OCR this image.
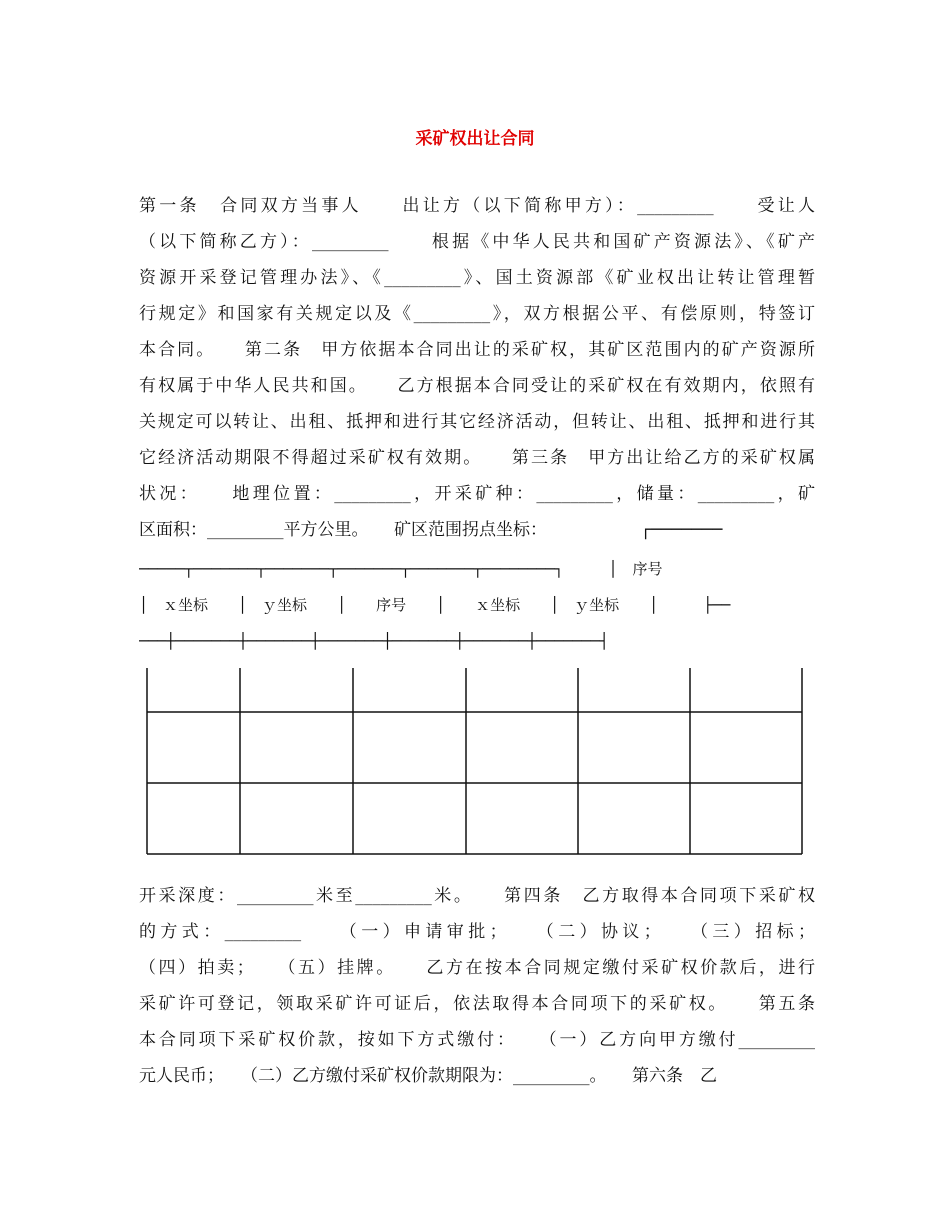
采矿权出让合同
第一条　合同双方当事人　　出让方（以下简称甲方）：_________　　受让人
（以下简称乙方）：_________　　根据《中华人民共和国矿产资源法》、《矿产
资源开采登记管理办法》、《_________》、国土资源部《矿业权出让转让管理暂
行规定》和国家有关规定以及《_________》，双方根据公平、有偿原则，特签订
本合同。　　第二条　甲方依据本合同出让的采矿权，其矿区范围内的矿产资源所
有权属于中华人民共和国。　　乙方根据本合同受让的采矿权在有效期内，依照有
关规定可以转让、出租、抵押和进行其它经济活动，但转让、出租、抵押和进行其
它经济活动期限不得超过采矿权有效期。　　第三条　甲方出让给乙方的采矿权属
状况：　　地理位置：_________，开采矿种：_________，储量：_________，矿
区面积：_________平方公里。　　矿区范围拐点坐标：　　　　　　┌───────
─────┬───────┬───────┬───────┬───────┬────────┐　　　│　序号
│　ｘ坐标　　│　ｙ坐标　　│　　序号　　│　　ｘ坐标　　│　ｙ坐标　　│　　　├──
───┼───────┼───────┼───────┼───────┼───────┼───────┤
开采深度：_________米至_________米。　　第四条　乙方取得本合同项下采矿权
的方式：_________　　（一）申请审批；　　（二）协议；　　（三）招标；
（四）拍卖；　　（五）挂牌。　　乙方在按本合同规定缴付采矿权价款后，进行
采矿许可登记，领取采矿许可证后，依法取得本合同项下的采矿权。　　第五条
本合同项下采矿权价款，按如下方式缴付：　　（一）乙方向甲方缴付_________
元人民币；　　（二）乙方缴付采矿权价款期限为：_________。　　第六条　乙
